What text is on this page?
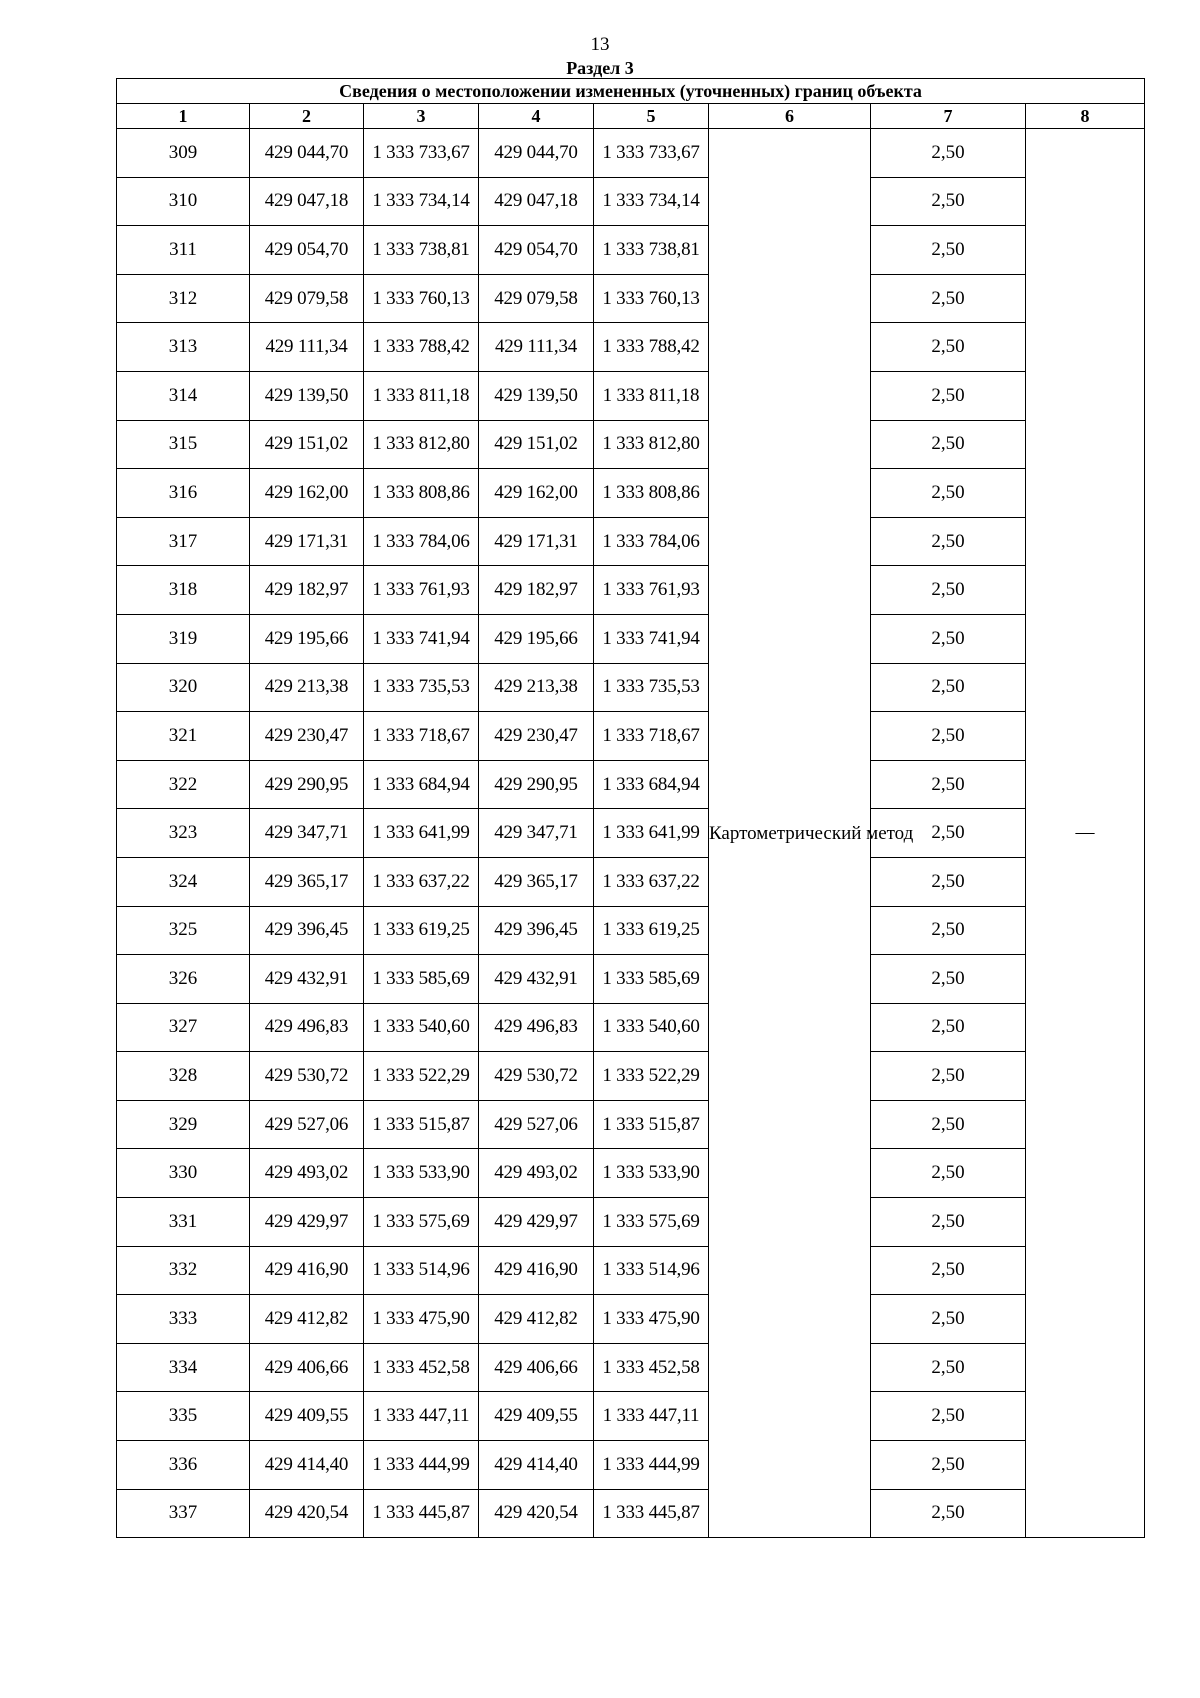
13
Раздел 3
Сведения о местоположении измененных (уточненных) границ объекта							
1	2	3	4	5	6	7	8
309	429 044,70	1 333 733,67	429 044,70	1 333 733,67	Картометрический метод	2,50	—
310	429 047,18	1 333 734,14	429 047,18	1 333 734,14		2,50	
311	429 054,70	1 333 738,81	429 054,70	1 333 738,81		2,50	
312	429 079,58	1 333 760,13	429 079,58	1 333 760,13		2,50	
313	429 111,34	1 333 788,42	429 111,34	1 333 788,42		2,50	
314	429 139,50	1 333 811,18	429 139,50	1 333 811,18		2,50	
315	429 151,02	1 333 812,80	429 151,02	1 333 812,80		2,50	
316	429 162,00	1 333 808,86	429 162,00	1 333 808,86		2,50	
317	429 171,31	1 333 784,06	429 171,31	1 333 784,06		2,50	
318	429 182,97	1 333 761,93	429 182,97	1 333 761,93		2,50	
319	429 195,66	1 333 741,94	429 195,66	1 333 741,94		2,50	
320	429 213,38	1 333 735,53	429 213,38	1 333 735,53		2,50	
321	429 230,47	1 333 718,67	429 230,47	1 333 718,67		2,50	
322	429 290,95	1 333 684,94	429 290,95	1 333 684,94		2,50	
323	429 347,71	1 333 641,99	429 347,71	1 333 641,99		2,50	
324	429 365,17	1 333 637,22	429 365,17	1 333 637,22		2,50	
325	429 396,45	1 333 619,25	429 396,45	1 333 619,25		2,50	
326	429 432,91	1 333 585,69	429 432,91	1 333 585,69		2,50	
327	429 496,83	1 333 540,60	429 496,83	1 333 540,60		2,50	
328	429 530,72	1 333 522,29	429 530,72	1 333 522,29		2,50	
329	429 527,06	1 333 515,87	429 527,06	1 333 515,87		2,50	
330	429 493,02	1 333 533,90	429 493,02	1 333 533,90		2,50	
331	429 429,97	1 333 575,69	429 429,97	1 333 575,69		2,50	
332	429 416,90	1 333 514,96	429 416,90	1 333 514,96		2,50	
333	429 412,82	1 333 475,90	429 412,82	1 333 475,90		2,50	
334	429 406,66	1 333 452,58	429 406,66	1 333 452,58		2,50	
335	429 409,55	1 333 447,11	429 409,55	1 333 447,11		2,50	
336	429 414,40	1 333 444,99	429 414,40	1 333 444,99		2,50	
337	429 420,54	1 333 445,87	429 420,54	1 333 445,87		2,50	
